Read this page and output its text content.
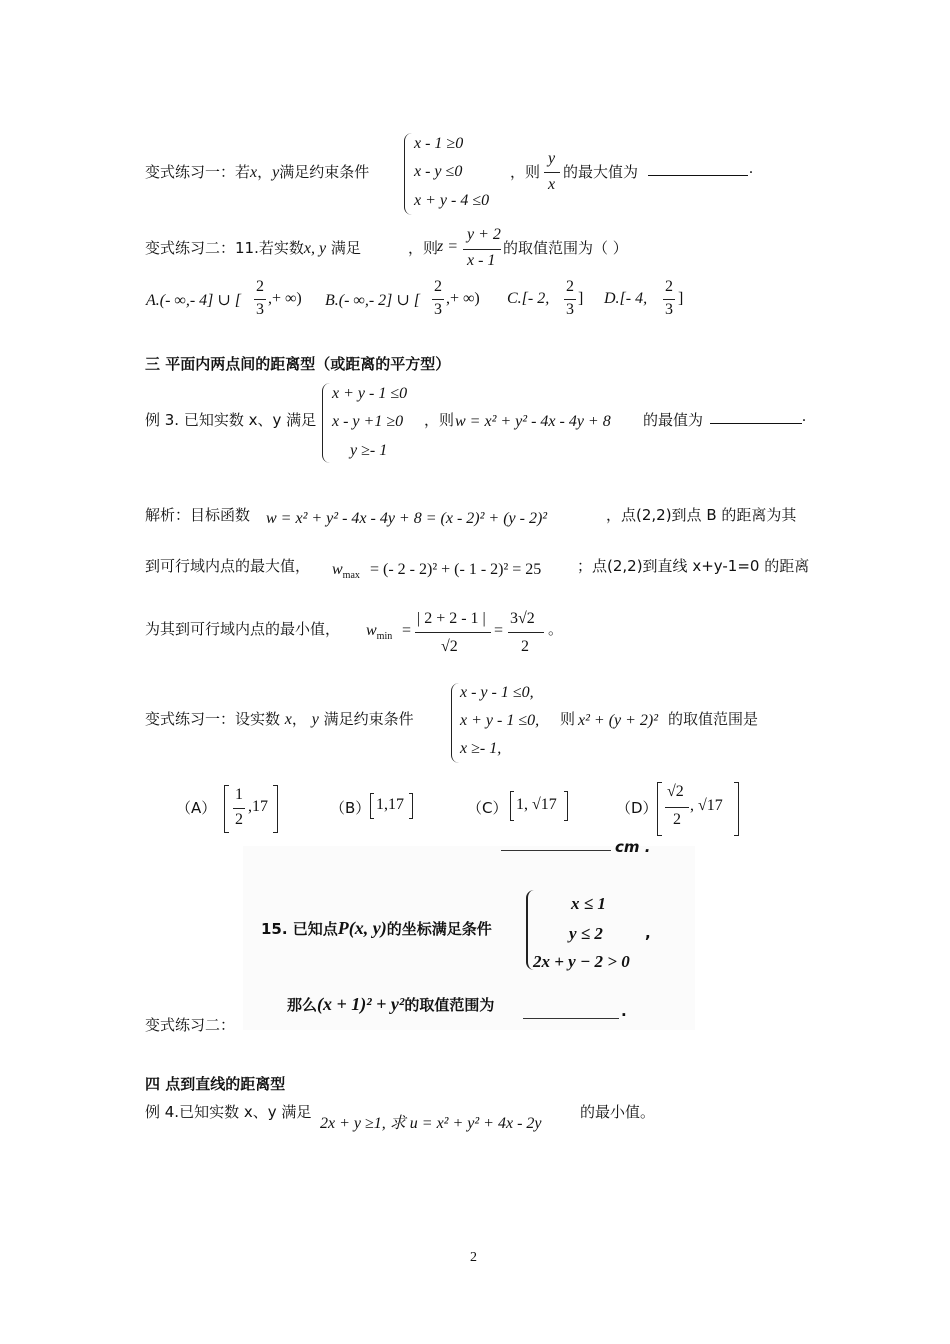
变式练习一：若x，y满足约束条件
x - 1 ≥0
x - y ≤0
x + y - 4 ≤0
，则
y
x
的最大值为	.
变式练习二：11.若实数x, y 满足	，则
z =
y + 2
x - 1
的取值范围为（ ）
A.(- ∞,- 4] ∪ [
2
3
,+ ∞) B.(- ∞,- 2] ∪ [
2
3
,+ ∞) C.[- 2,
2
3
] D.[- 4,
2
3
]
三 平面内两点间的距离型（或距离的平方型）
例 3. 已知实数 x、y 满足
x + y - 1 ≤0
x - y +1 ≥0
y ≥- 1
，则 w = x² + y² - 4x - 4y + 8 的最值为	.
解析：目标函数 w = x² + y² - 4x - 4y + 8 = (x - 2)² + (y - 2)²	，点(2,2)到点 B 的距离为其
到可行域内点的最大值， $w_{max}$ = (- 2 - 2)² + (- 1 - 2)² = 25 ；点(2,2)到直线 x+y-1=0 的距离
为其到可行域内点的最小值， $w_{min}$ =
| 2 + 2 - 1 |
√2
=
3√2
2
。
变式练习一：设实数 x， y 满足约束条件
x - y - 1 ≤0,
x + y - 1 ≤0,
x ≥- 1,
则 x² + (y + 2)² 的取值范围是
（A）
1
2
,17	（B） 1,17	（C） 1, √17	（D）
√2
2
, √17
cm .
15. 已知点P(x, y)的坐标满足条件
x ≤ 1
y ≤ 2
2x + y − 2 > 0
,
那么(x + 1)² + y²的取值范围为	.
变式练习二：
四 点到直线的距离型
例 4.已知实数 x、y 满足
2x + y ≥1, 求 u = x² + y² + 4x - 2y
的最小值。
2
